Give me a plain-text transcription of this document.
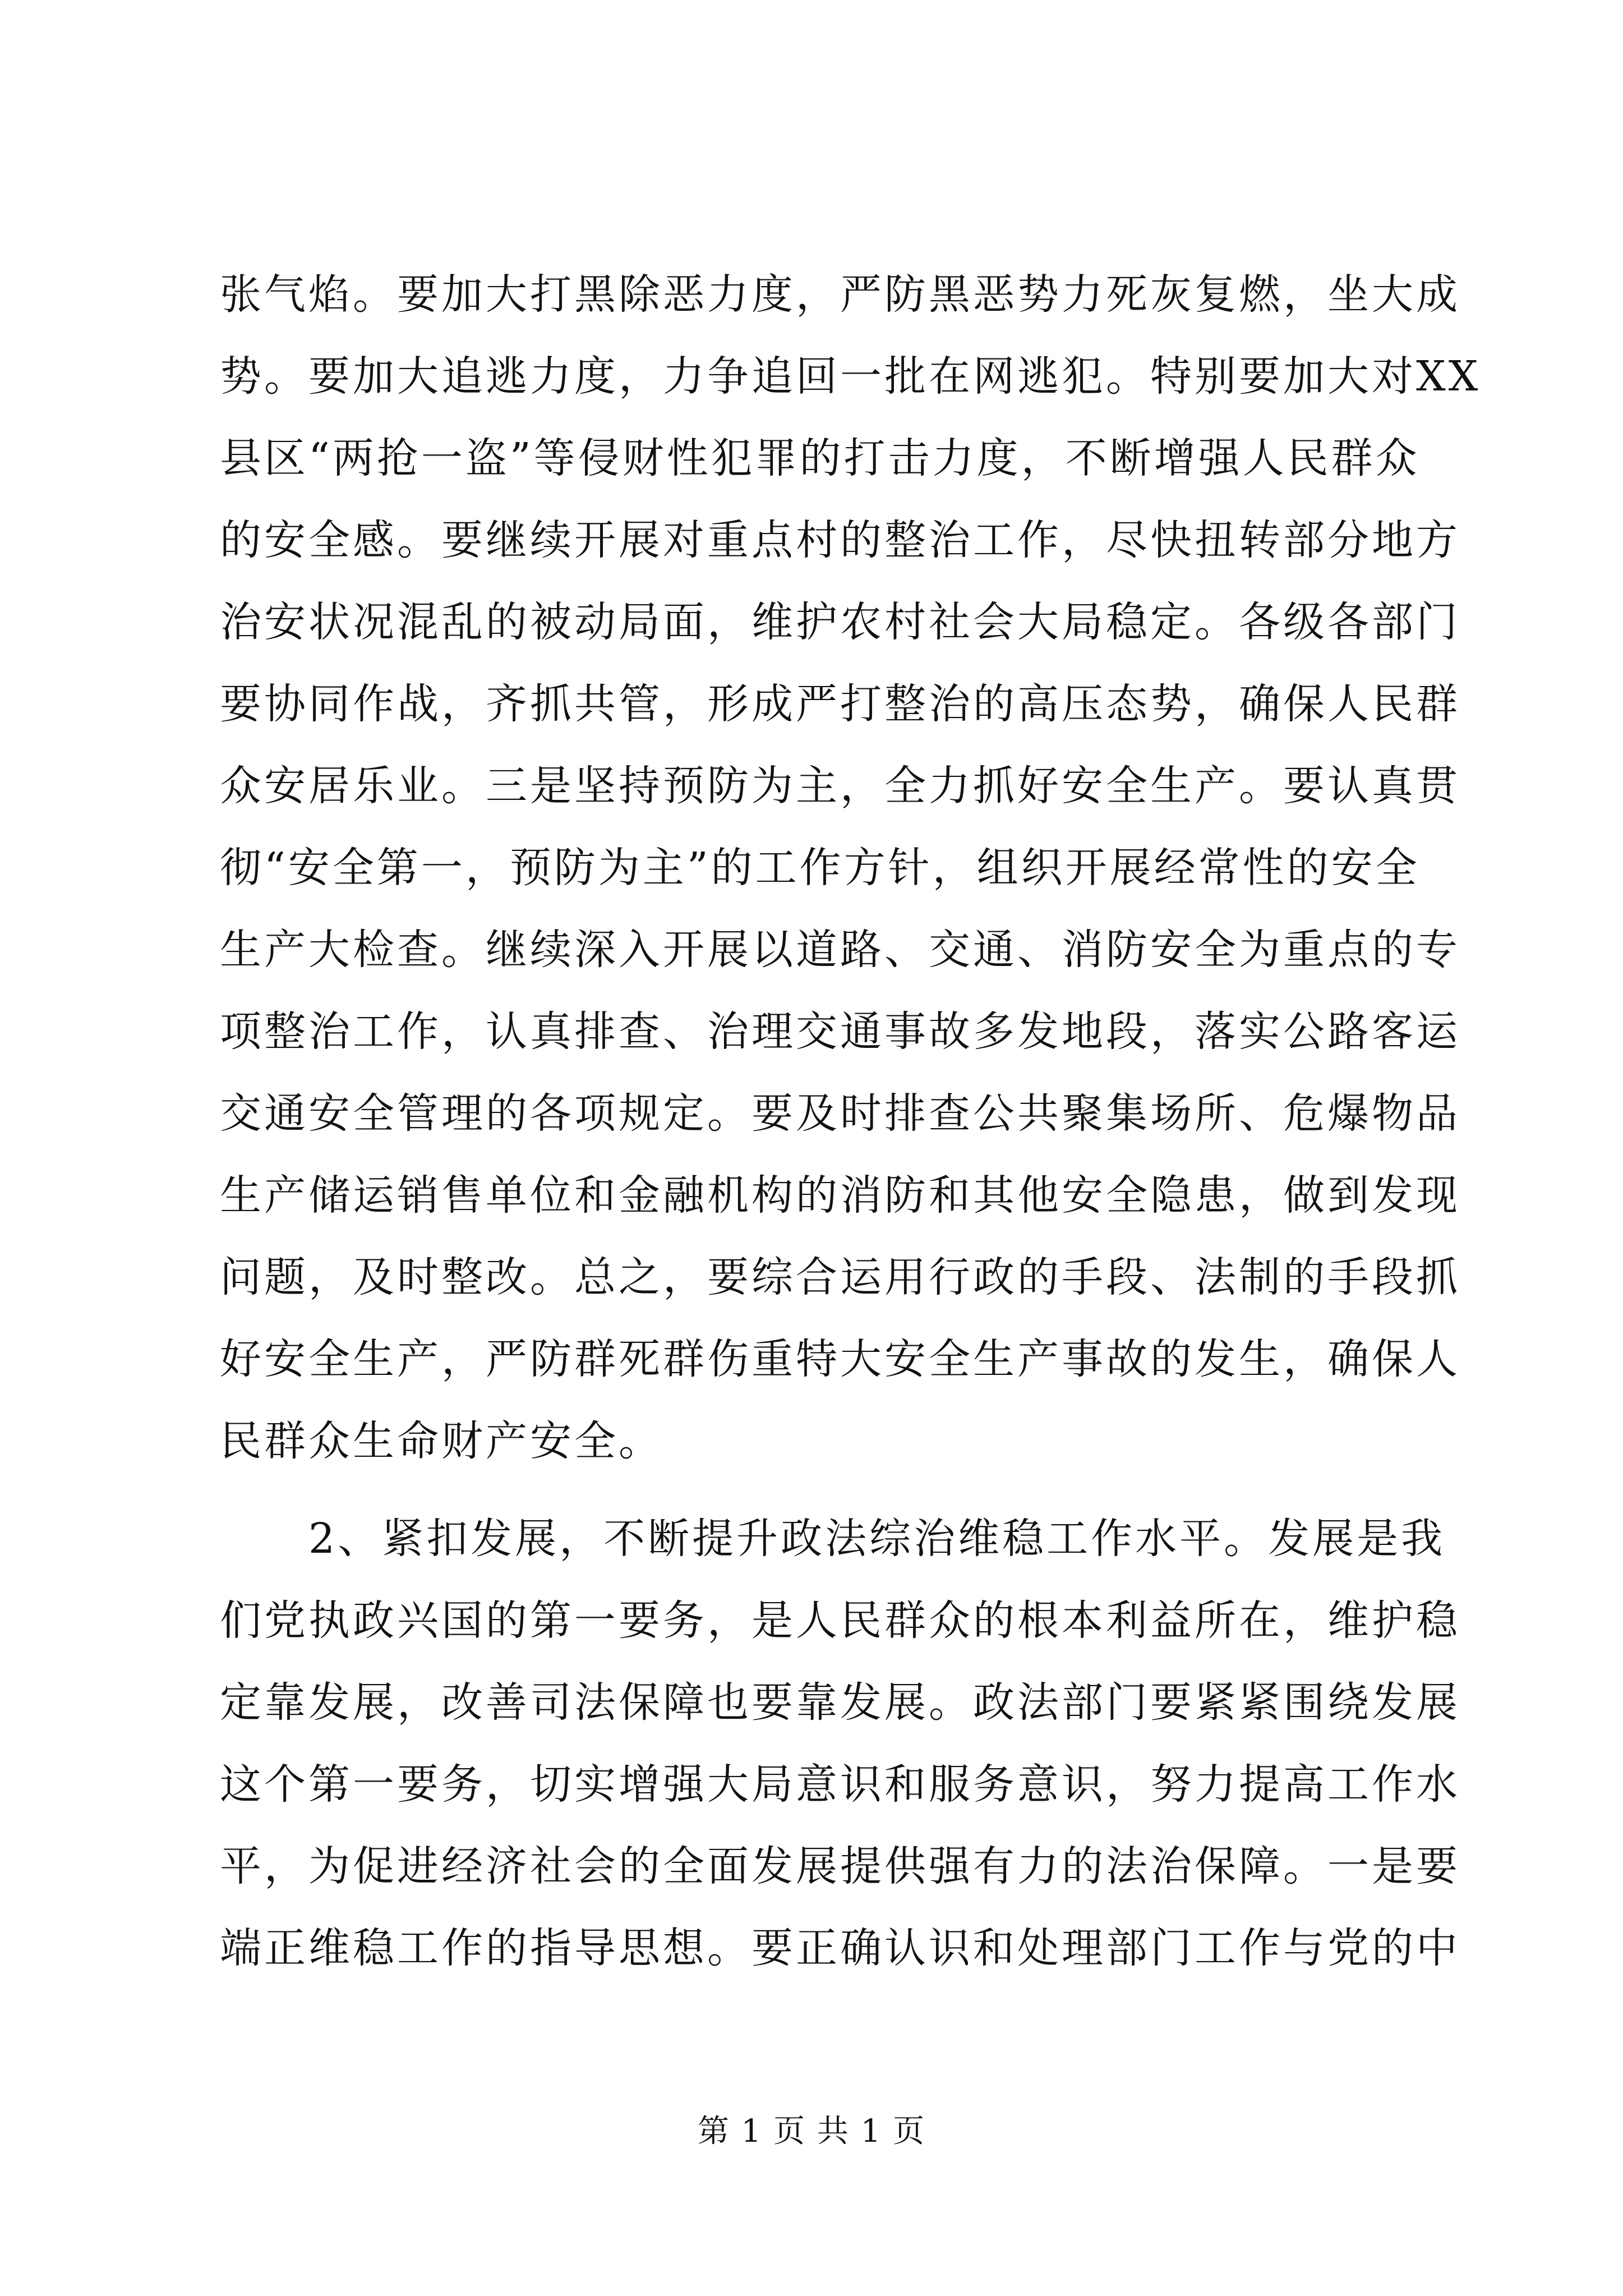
张气焰。要加大打黑除恶力度，严防黑恶势力死灰复燃，坐大成
势。要加大追逃力度，力争追回一批在网逃犯。特别要加大对XX
县区“两抢一盗”等侵财性犯罪的打击力度，不断增强人民群众
的安全感。要继续开展对重点村的整治工作，尽快扭转部分地方
治安状况混乱的被动局面，维护农村社会大局稳定。各级各部门
要协同作战，齐抓共管，形成严打整治的高压态势，确保人民群
众安居乐业。三是坚持预防为主，全力抓好安全生产。要认真贯
彻“安全第一，预防为主”的工作方针，组织开展经常性的安全
生产大检查。继续深入开展以道路、交通、消防安全为重点的专
项整治工作，认真排查、治理交通事故多发地段，落实公路客运
交通安全管理的各项规定。要及时排查公共聚集场所、危爆物品
生产储运销售单位和金融机构的消防和其他安全隐患，做到发现
问题，及时整改。总之，要综合运用行政的手段、法制的手段抓
好安全生产，严防群死群伤重特大安全生产事故的发生，确保人
民群众生命财产安全。
　　2、紧扣发展，不断提升政法综治维稳工作水平。发展是我
们党执政兴国的第一要务，是人民群众的根本利益所在，维护稳
定靠发展，改善司法保障也要靠发展。政法部门要紧紧围绕发展
这个第一要务，切实增强大局意识和服务意识，努力提高工作水
平，为促进经济社会的全面发展提供强有力的法治保障。一是要
端正维稳工作的指导思想。要正确认识和处理部门工作与党的中
第 1 页 共 1 页
